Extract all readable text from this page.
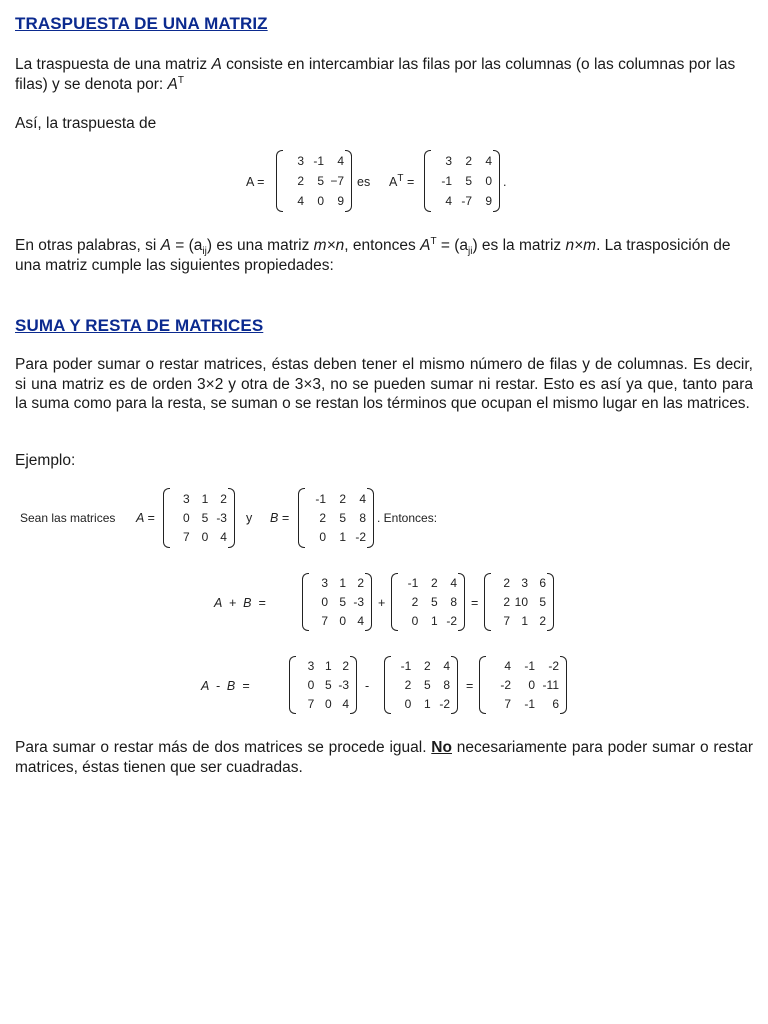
TRASPUESTA DE UNA MATRIZ

La traspuesta de una matriz A consiste en intercambiar las filas por las columnas (o las columnas por las filas) y se denota por: $A^T$

Así, la traspuesta de

A =
3 -1	4
2	5 −7
4	0	9
es $A^T$ =
3	2	4
-1	5	0
4 -7	9
.

En otras palabras, si $A = (a_{ij})$ es una matriz m×n, entonces $A^T = (a_{ji})$ es la matriz n×m. La trasposición de una matriz cumple las siguientes propiedades:

SUMA Y RESTA DE MATRICES

Para poder sumar o restar matrices, éstas deben tener el mismo número de filas y de columnas. Es decir, si una matriz es de orden 3×2 y otra de 3×3, no se pueden sumar ni restar. Esto es así ya que, tanto para la suma como para la resta, se suman o se restan los términos que ocupan el mismo lugar en las matrices.

Ejemplo:

Sean las matrices A =
3 1 2
0 5 -3
7 0 4
y B =
-1	2	4
2	5	8
0	1 -2
. Entonces:
A  +  B  =
3 1 2
0 5 -3
7 0 4
+
-1	2	4
2	5	8
0	1 -2
=
2 3 6
2 10 5
7 1 2
A  -  B  =
3 1 2
0 5 -3
7 0 4
-
-1	2	4
2	5	8
0	1 -2
=
4	-1	-2
-2	0 -11
7	-1	6

Para sumar o restar más de dos matrices se procede igual. No necesariamente para poder sumar o restar matrices, éstas tienen que ser cuadradas.
